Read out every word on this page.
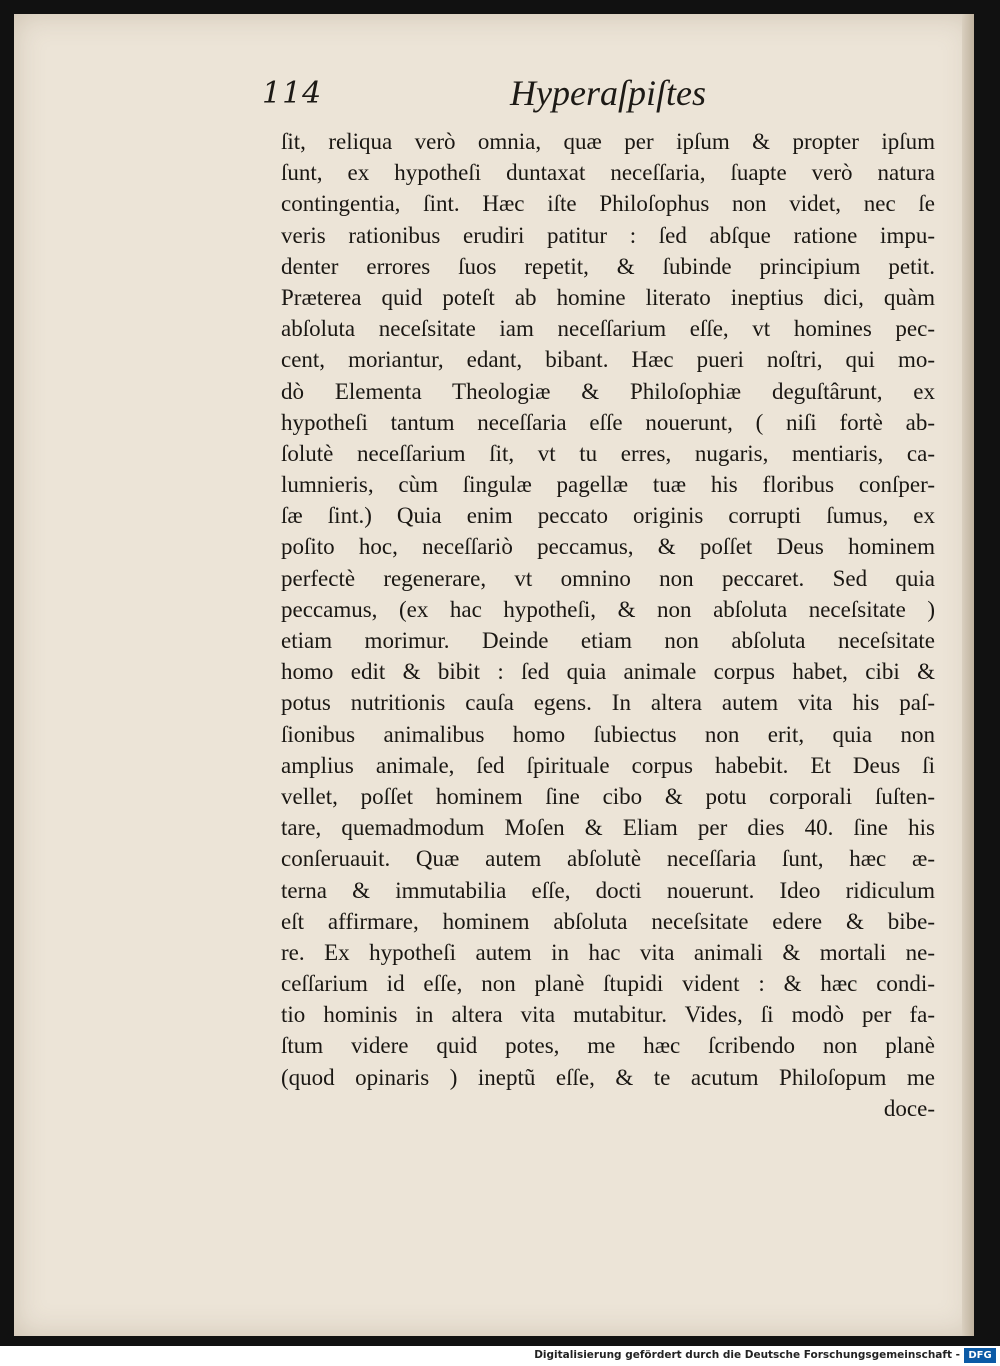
114	Hyperaſpiſtes
ſit, reliqua verò omnia, quæ per ipſum & propter ipſum
ſunt, ex hypotheſi duntaxat neceſſaria, ſuapte verò natura
contingentia, ſint. Hæc iſte Philoſophus non videt, nec ſe
veris rationibus erudiri patitur : ſed abſque ratione impu-
denter errores ſuos repetit, & ſubinde principium petit.
Præterea quid poteſt ab homine literato ineptius dici, quàm
abſoluta neceſsitate iam neceſſarium eſſe, vt homines pec-
cent, moriantur, edant, bibant. Hæc pueri noſtri, qui mo-
dò Elementa Theologiæ & Philoſophiæ deguſtârunt, ex
hypotheſi tantum neceſſaria eſſe nouerunt, ( niſi fortè ab-
ſolutè neceſſarium ſit, vt tu erres, nugaris, mentiaris, ca-
lumnieris, cùm ſingulæ pagellæ tuæ his floribus conſper-
ſæ ſint.) Quia enim peccato originis corrupti ſumus, ex
poſito hoc, neceſſariò peccamus, & poſſet Deus hominem
perfectè regenerare, vt omnino non peccaret. Sed quia
peccamus, (ex hac hypotheſi, & non abſoluta neceſsitate )
etiam morimur. Deinde etiam non abſoluta neceſsitate
homo edit & bibit : ſed quia animale corpus habet, cibi &
potus nutritionis cauſa egens. In altera autem vita his paſ-
ſionibus animalibus homo ſubiectus non erit, quia non
amplius animale, ſed ſpirituale corpus habebit. Et Deus ſi
vellet, poſſet hominem ſine cibo & potu corporali ſuſten-
tare, quemadmodum Moſen & Eliam per dies 40. ſine his
conſeruauit. Quæ autem abſolutè neceſſaria ſunt, hæc æ-
terna & immutabilia eſſe, docti nouerunt. Ideo ridiculum
eſt affirmare, hominem abſoluta neceſsitate edere & bibe-
re. Ex hypotheſi autem in hac vita animali & mortali ne-
ceſſarium id eſſe, non planè ſtupidi vident : & hæc condi-
tio hominis in altera vita mutabitur. Vides, ſi modò per fa-
ſtum videre quid potes, me hæc ſcribendo non planè
(quod opinaris ) ineptũ eſſe, & te acutum Philoſopum me
doce-
Digitalisierung gefördert durch die Deutsche Forschungsgemeinschaft - DFG
